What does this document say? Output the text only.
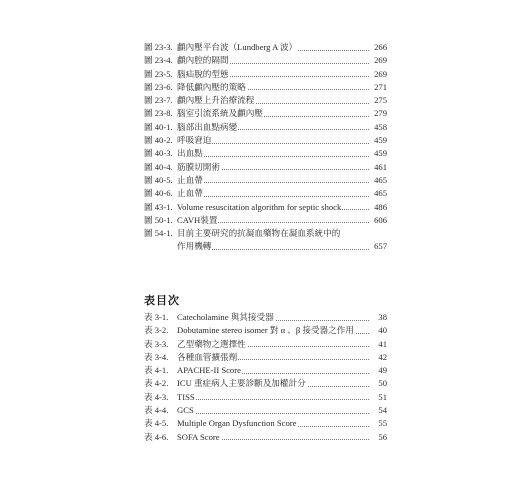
圖 23-3. 顱內壓平台波（Lundberg A 波）	266
圖 23-4. 顱內腔的隔間	269
圖 23-5. 腦疝脫的型態	269
圖 23-6. 降低顱內壓的策略	271
圖 23-7. 顱內壓上升治療流程	275
圖 23-8. 腦室引流系統及顱內壓	279
圖 40-1. 腦部出血點病變	458
圖 40-2. 呼吸窘迫	459
圖 40-3. 出血點	459
圖 40-4. 筋膜切開術	461
圖 40-5. 止血帶	465
圖 40-6. 止血帶	465
圖 43-1. Volume resuscitation algorithm for septic shock	486
圖 50-1. CAVH裝置	606
圖 54-1. 目前主要研究的抗凝血藥物在凝血系統中的
作用機轉	657
表目次
表 3-1. Catecholamine 與其接受器	38
表 3-2. Dobutamine stereo isomer 對 α 、β 接受器之作用	40
表 3-3. 乙型藥物之選擇性	41
表 3-4. 各種血管擴張劑	42
表 4-1. APACHE-II Score	49
表 4-2. ICU 重症病人主要診斷及加權計分	50
表 4-3. TISS	51
表 4-4. GCS	54
表 4-5. Multiple Organ Dysfunction Score	55
表 4-6. SOFA Score	56
